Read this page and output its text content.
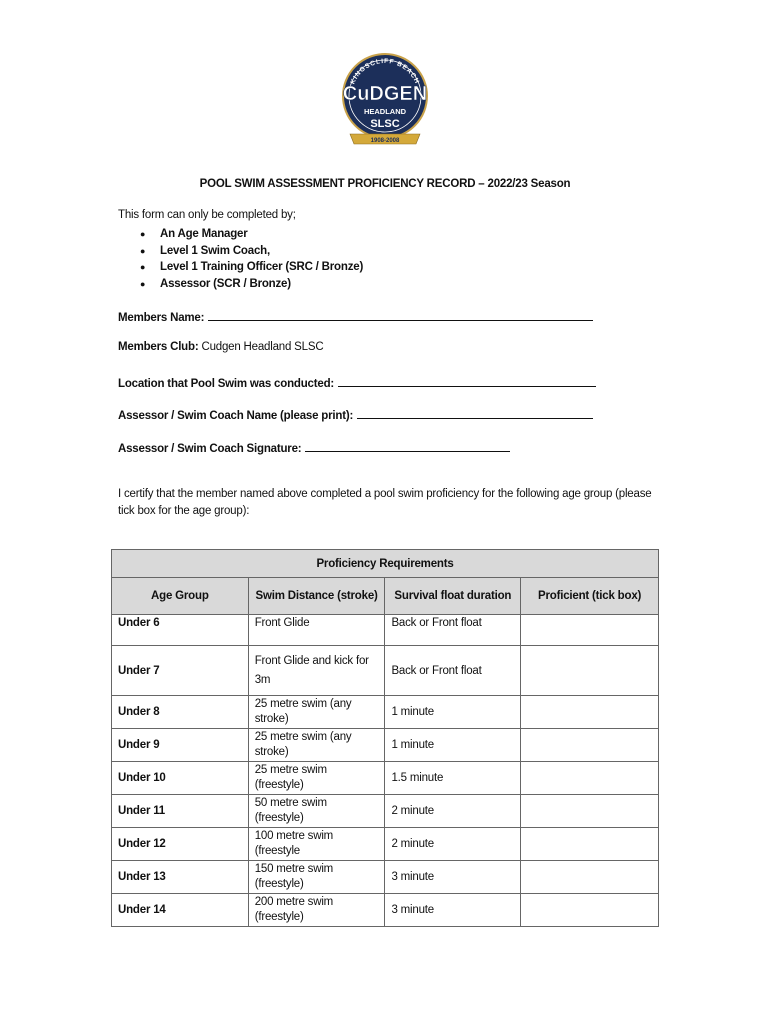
KINGSCLIFF BEACH
CuDGEN
HEADLAND
SLSC
1908-2008
POOL SWIM ASSESSMENT PROFICIENCY RECORD – 2022/23 Season
This form can only be completed by;
● An Age Manager
● Level 1 Swim Coach,
● Level 1 Training Officer (SRC / Bronze)
● Assessor (SCR / Bronze)
Members Name:
Members Club: Cudgen Headland SLSC
Location that Pool Swim was conducted:
Assessor / Swim Coach Name (please print):
Assessor / Swim Coach Signature:
I certify that the member named above completed a pool swim proficiency for the following age group (please tick box for the age group):
Proficiency Requirements			
Age Group	Swim Distance (stroke)	Survival float duration	Proficient (tick box)
Under 6	Front Glide	Back or Front float	
Under 7	Front Glide and kick for 3m	Back or Front float	
Under 8	25 metre swim (any stroke)	1 minute	
Under 9	25 metre swim (any stroke)	1 minute	
Under 10	25 metre swim (freestyle)	1.5 minute	
Under 11	50 metre swim (freestyle)	2 minute	
Under 12	100 metre swim (freestyle	2 minute	
Under 13	150 metre swim (freestyle)	3 minute	
Under 14	200 metre swim (freestyle)	3 minute	
